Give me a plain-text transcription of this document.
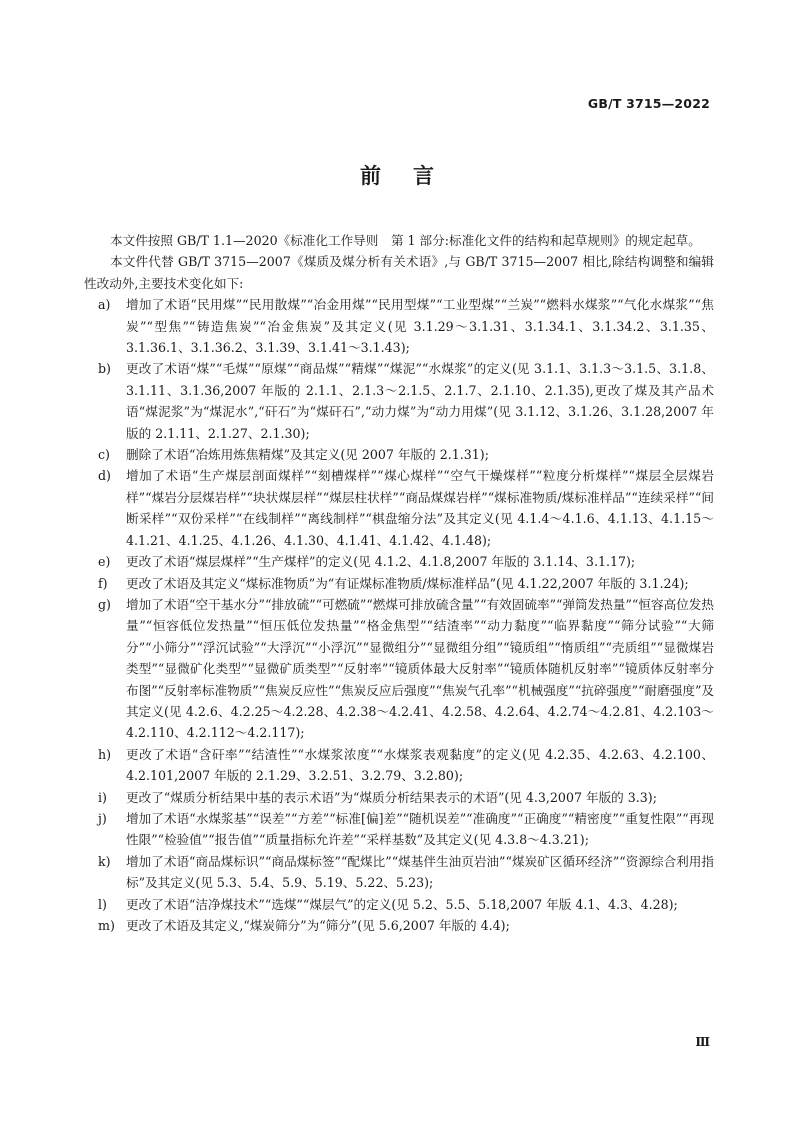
GB/T 3715—2022
前言

本文件按照 GB/T 1.1—2020《标准化工作导则　第 1 部分:标准化文件的结构和起草规则》的规定起草。

本文件代替 GB/T 3715—2007《煤质及煤分析有关术语》,与 GB/T 3715—2007 相比,除结构调整和编辑性改动外,主要技术变化如下:

a)	增加了术语“民用煤”“民用散煤”“冶金用煤”“民用型煤”“工业型煤”“兰炭”“燃料水煤浆”“气化水煤浆”“焦炭”“型焦”“铸造焦炭”“冶金焦炭”及其定义(见 3.1.29～3.1.31、3.1.34.1、3.1.34.2、3.1.35、3.1.36.1、3.1.36.2、3.1.39、3.1.41～3.1.43);
b)	更改了术语“煤”“毛煤”“原煤”“商品煤”“精煤”“煤泥”“水煤浆”的定义(见 3.1.1、3.1.3～3.1.5、3.1.8、3.1.11、3.1.36,2007 年版的 2.1.1、2.1.3～2.1.5、2.1.7、2.1.10、2.1.35),更改了煤及其产品术语“煤泥浆”为“煤泥水”,“矸石”为“煤矸石”,“动力煤”为“动力用煤”(见 3.1.12、3.1.26、3.1.28,2007 年版的 2.1.11、2.1.27、2.1.30);
c)	删除了术语“冶炼用炼焦精煤”及其定义(见 2007 年版的 2.1.31);
d)	增加了术语“生产煤层剖面煤样”“刻槽煤样”“煤心煤样”“空气干燥煤样”“粒度分析煤样”“煤层全层煤岩样”“煤岩分层煤岩样”“块状煤层样”“煤层柱状样”“商品煤煤岩样”“煤标准物质/煤标准样品”“连续采样”“间断采样”“双份采样”“在线制样”“离线制样”“棋盘缩分法”及其定义(见 4.1.4～4.1.6、4.1.13、4.1.15～4.1.21、4.1.25、4.1.26、4.1.30、4.1.41、4.1.42、4.1.48);
e)	更改了术语“煤层煤样”“生产煤样”的定义(见 4.1.2、4.1.8,2007 年版的 3.1.14、3.1.17);
f)	更改了术语及其定义“煤标准物质”为“有证煤标准物质/煤标准样品”(见 4.1.22,2007 年版的 3.1.24);
g)	增加了术语“空干基水分”“排放硫”“可燃硫”“燃煤可排放硫含量”“有效固硫率”“弹筒发热量”“恒容高位发热量”“恒容低位发热量”“恒压低位发热量”“格金焦型”“结渣率”“动力黏度”“临界黏度”“筛分试验”“大筛分”“小筛分”“浮沉试验”“大浮沉”“小浮沉”“显微组分”“显微组分组”“镜质组”“惰质组”“壳质组”“显微煤岩类型”“显微矿化类型”“显微矿质类型”“反射率”“镜质体最大反射率”“镜质体随机反射率”“镜质体反射率分布图”“反射率标准物质”“焦炭反应性”“焦炭反应后强度”“焦炭气孔率”“机械强度”“抗碎强度”“耐磨强度”及其定义(见 4.2.6、4.2.25～4.2.28、4.2.38～4.2.41、4.2.58、4.2.64、4.2.74～4.2.81、4.2.103～4.2.110、4.2.112～4.2.117);
h)	更改了术语“含矸率”“结渣性”“水煤浆浓度”“水煤浆表观黏度”的定义(见 4.2.35、4.2.63、4.2.100、4.2.101,2007 年版的 2.1.29、3.2.51、3.2.79、3.2.80);
i)	更改了“煤质分析结果中基的表示术语”为“煤质分析结果表示的术语”(见 4.3,2007 年版的 3.3);
j)	增加了术语“水煤浆基”“误差”“方差”“标准[偏]差”“随机误差”“准确度”“正确度”“精密度”“重复性限”“再现性限”“检验值”“报告值”“质量指标允许差”“采样基数”及其定义(见 4.3.8～4.3.21);
k)	增加了术语“商品煤标识”“商品煤标签”“配煤比”“煤基伴生油页岩油”“煤炭矿区循环经济”“资源综合利用指标”及其定义(见 5.3、5.4、5.9、5.19、5.22、5.23);
l)	更改了术语“洁净煤技术”“选煤”“煤层气”的定义(见 5.2、5.5、5.18,2007 年版 4.1、4.3、4.28);
m) 更改了术语及其定义,“煤炭筛分”为“筛分”(见 5.6,2007 年版的 4.4);
Ⅲ
